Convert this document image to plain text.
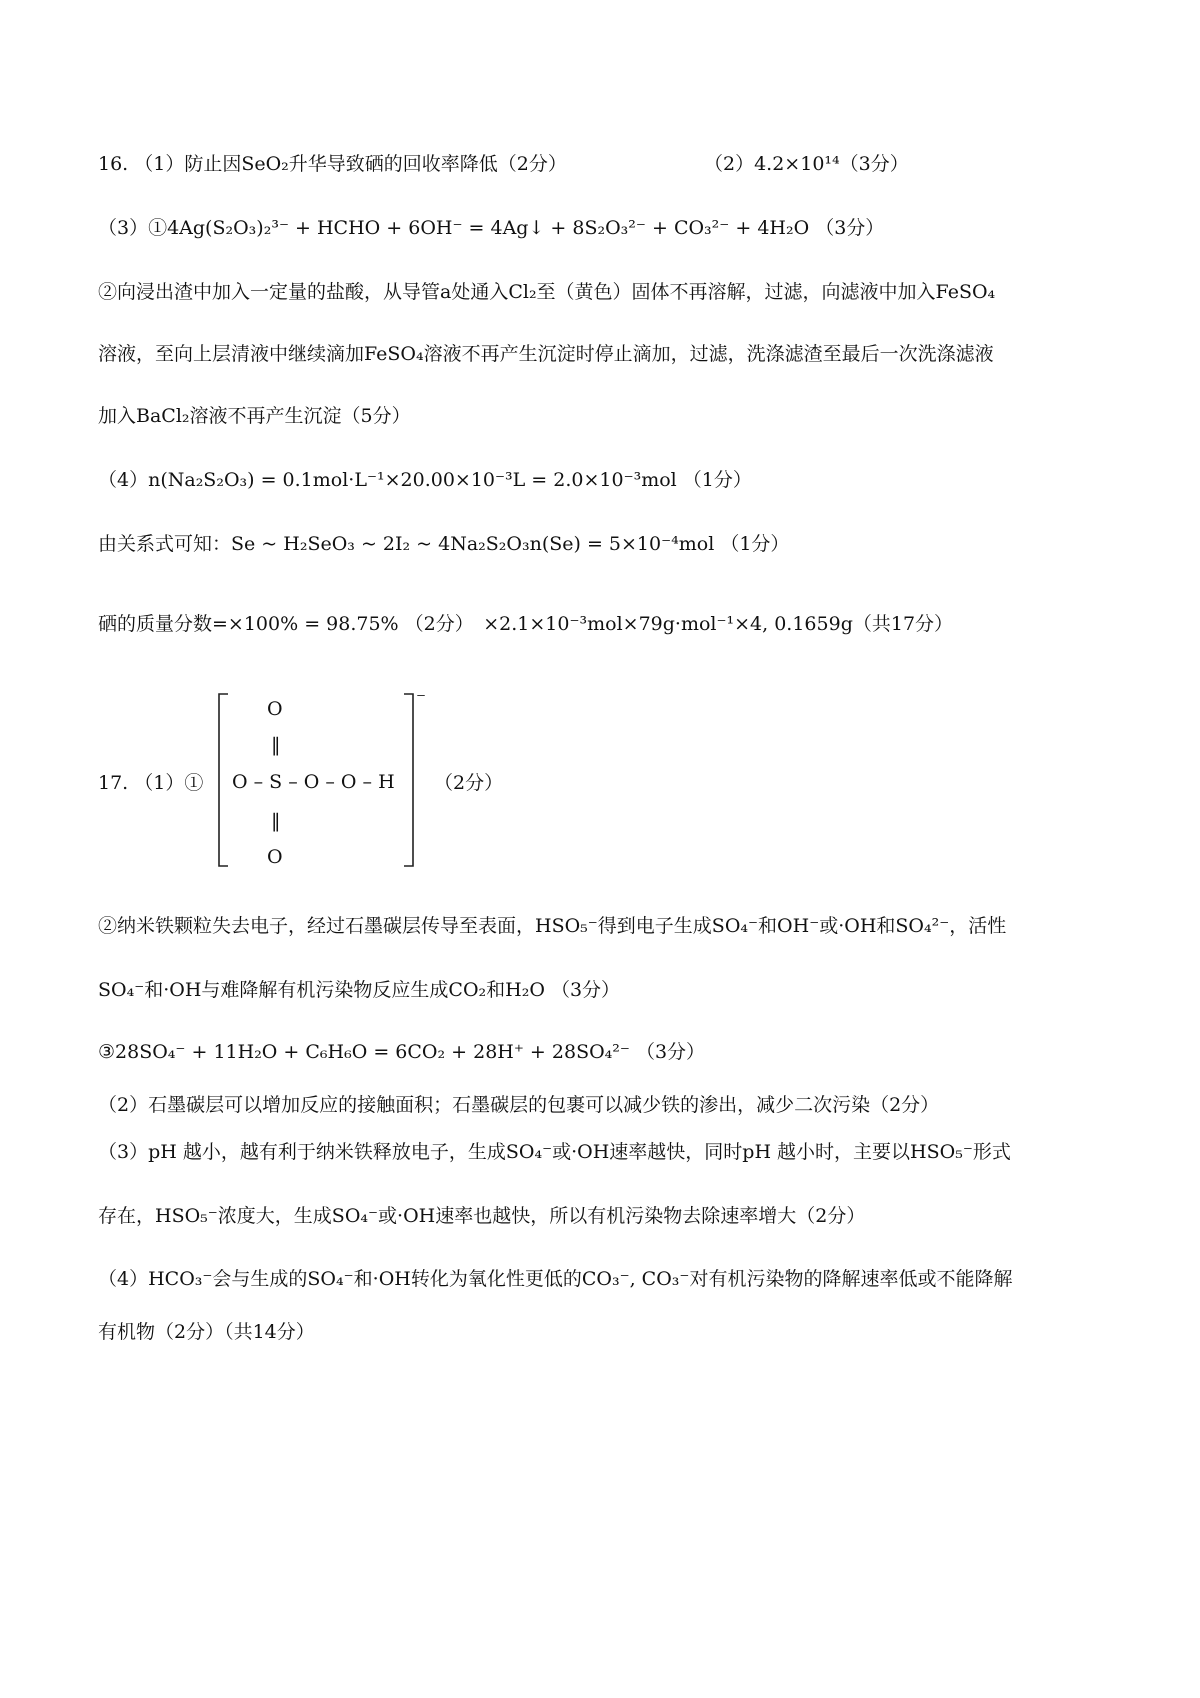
16. （1）防止因SeO₂升华导致硒的回收率降低（2分）	（2）4.2×10¹⁴（3分）
（3）①4Ag(S₂O₃)₂³⁻ + HCHO + 6OH⁻ = 4Ag↓ + 8S₂O₃²⁻ + CO₃²⁻ + 4H₂O （3分）
②向浸出渣中加入一定量的盐酸，从导管a处通入Cl₂至（黄色）固体不再溶解，过滤，向滤液中加入FeSO₄
溶液，至向上层清液中继续滴加FeSO₄溶液不再产生沉淀时停止滴加，过滤，洗涤滤渣至最后一次洗涤滤液
加入BaCl₂溶液不再产生沉淀（5分）
（4）n(Na₂S₂O₃) = 0.1mol·L⁻¹×20.00×10⁻³L = 2.0×10⁻³mol （1分）
由关系式可知：Se ~ H₂SeO₃ ~ 2I₂ ~ 4Na₂S₂O₃n(Se) = 5×10⁻⁴mol （1分）
硒的质量分数=×100% = 98.75% （2分）　×2.1×10⁻³mol×79g·mol⁻¹×4, 0.1659g（共17分）
17. （1）①
⁻
O
‖
O – S – O – O – H
‖
O
（2分）
②纳米铁颗粒失去电子，经过石墨碳层传导至表面，HSO₅⁻得到电子生成SO₄⁻和OH⁻或·OH和SO₄²⁻，活性
SO₄⁻和·OH与难降解有机污染物反应生成CO₂和H₂O （3分）
③28SO₄⁻ + 11H₂O + C₆H₆O = 6CO₂ + 28H⁺ + 28SO₄²⁻ （3分）
（2）石墨碳层可以增加反应的接触面积；石墨碳层的包裹可以减少铁的渗出，减少二次污染（2分）
（3）pH 越小，越有利于纳米铁释放电子，生成SO₄⁻或·OH速率越快，同时pH 越小时，主要以HSO₅⁻形式
存在，HSO₅⁻浓度大，生成SO₄⁻或·OH速率也越快，所以有机污染物去除速率增大（2分）
（4）HCO₃⁻会与生成的SO₄⁻和·OH转化为氧化性更低的CO₃⁻, CO₃⁻对有机污染物的降解速率低或不能降解
有机物（2分）（共14分）
